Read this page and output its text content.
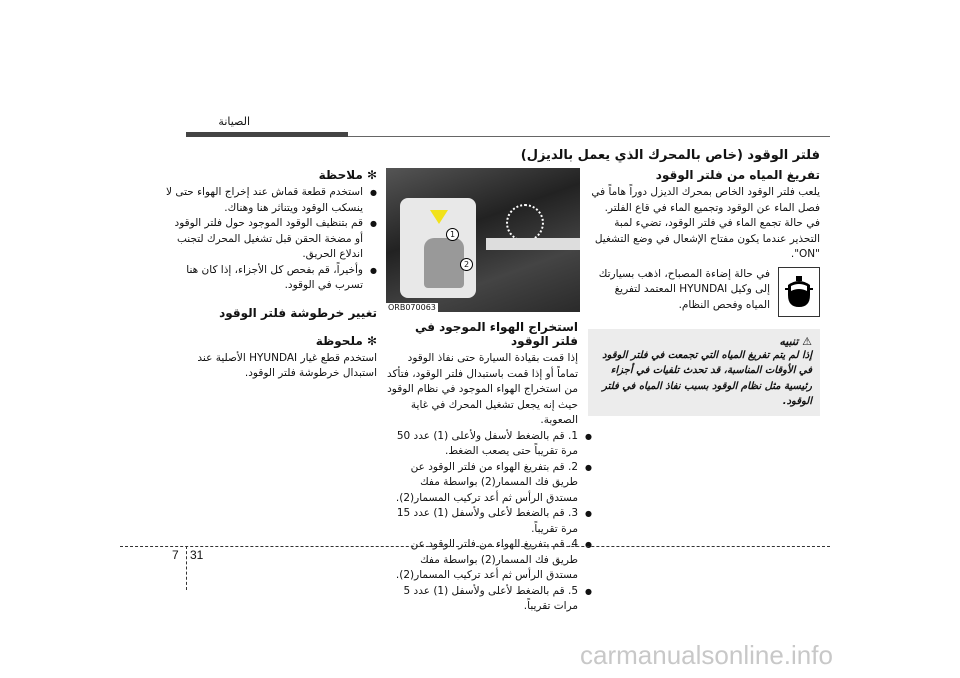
الصيانة
فلتر الوقود (خاص بالمحرك الذي يعمل بالديزل)

تفريغ المياه من فلتر الوقود

يلعب فلتر الوقود الخاص بمحرك الديزل دوراً هاماً في فصل الماء عن الوقود وتجميع الماء في قاع الفلتر.

في حالة تجمع الماء في فلتر الوقود، تضيء لمبة التحذير عندما يكون مفتاح الإشعال في وضع التشغيل "ON".

في حالة إضاءة المصباح، اذهب بسيارتك إلى وكيل HYUNDAI المعتمد لتفريغ المياه وفحص النظام.

⚠ تنبيه

إذا لم يتم تفريغ المياه التي تجمعت في فلتر الوقود في الأوقات المناسبة، قد تحدث تلفيات في أجزاء رئيسية مثل نظام الوقود بسبب نفاذ المياه في فلتر الوقود.

1
2
ORB070063

استخراج الهواء الموجود في فلتر الوقود

إذا قمت بقيادة السيارة حتى نفاذ الوقود تماماً أو إذا قمت باستبدال فلتر الوقود، فتأكد من استخراج الهواء الموجود في نظام الوقود حيث إنه يجعل تشغيل المحرك في غاية الصعوبة.

● 1. قم بالضغط لأسفل ولأعلى (1) عدد 50 مرة تقريباً حتى يصعب الضغط.
● 2. قم بتفريغ الهواء من فلتر الوقود عن طريق فك المسمار(2) بواسطة مفك مستدق الرأس ثم أعد تركيب المسمار(2).
● 3. قم بالضغط لأعلى ولأسفل (1) عدد 15 مرة تقريباً.
● 4. قم بتفريغ الهواء من فلتر الوقود عن طريق فك المسمار(2) بواسطة مفك مستدق الرأس ثم أعد تركيب المسمار(2).
● 5. قم بالضغط لأعلى ولأسفل (1) عدد 5 مرات تقريباً.

✻ ملاحظة

● استخدم قطعة قماش عند إخراج الهواء حتى لا ينسكب الوقود ويتناثر هنا وهناك.
● قم بتنظيف الوقود الموجود حول فلتر الوقود أو مضخة الحقن قبل تشغيل المحرك لتجنب اندلاع الحريق.
● وأخيراً، قم بفحص كل الأجزاء، إذا كان هنا تسرب في الوقود.

تغيير خرطوشة فلتر الوقود

✻ ملحوظة

استخدم قطع غيار HYUNDAI الأصلية عند استبدال خرطوشة فلتر الوقود.

7 31
carmanualsonline.info
